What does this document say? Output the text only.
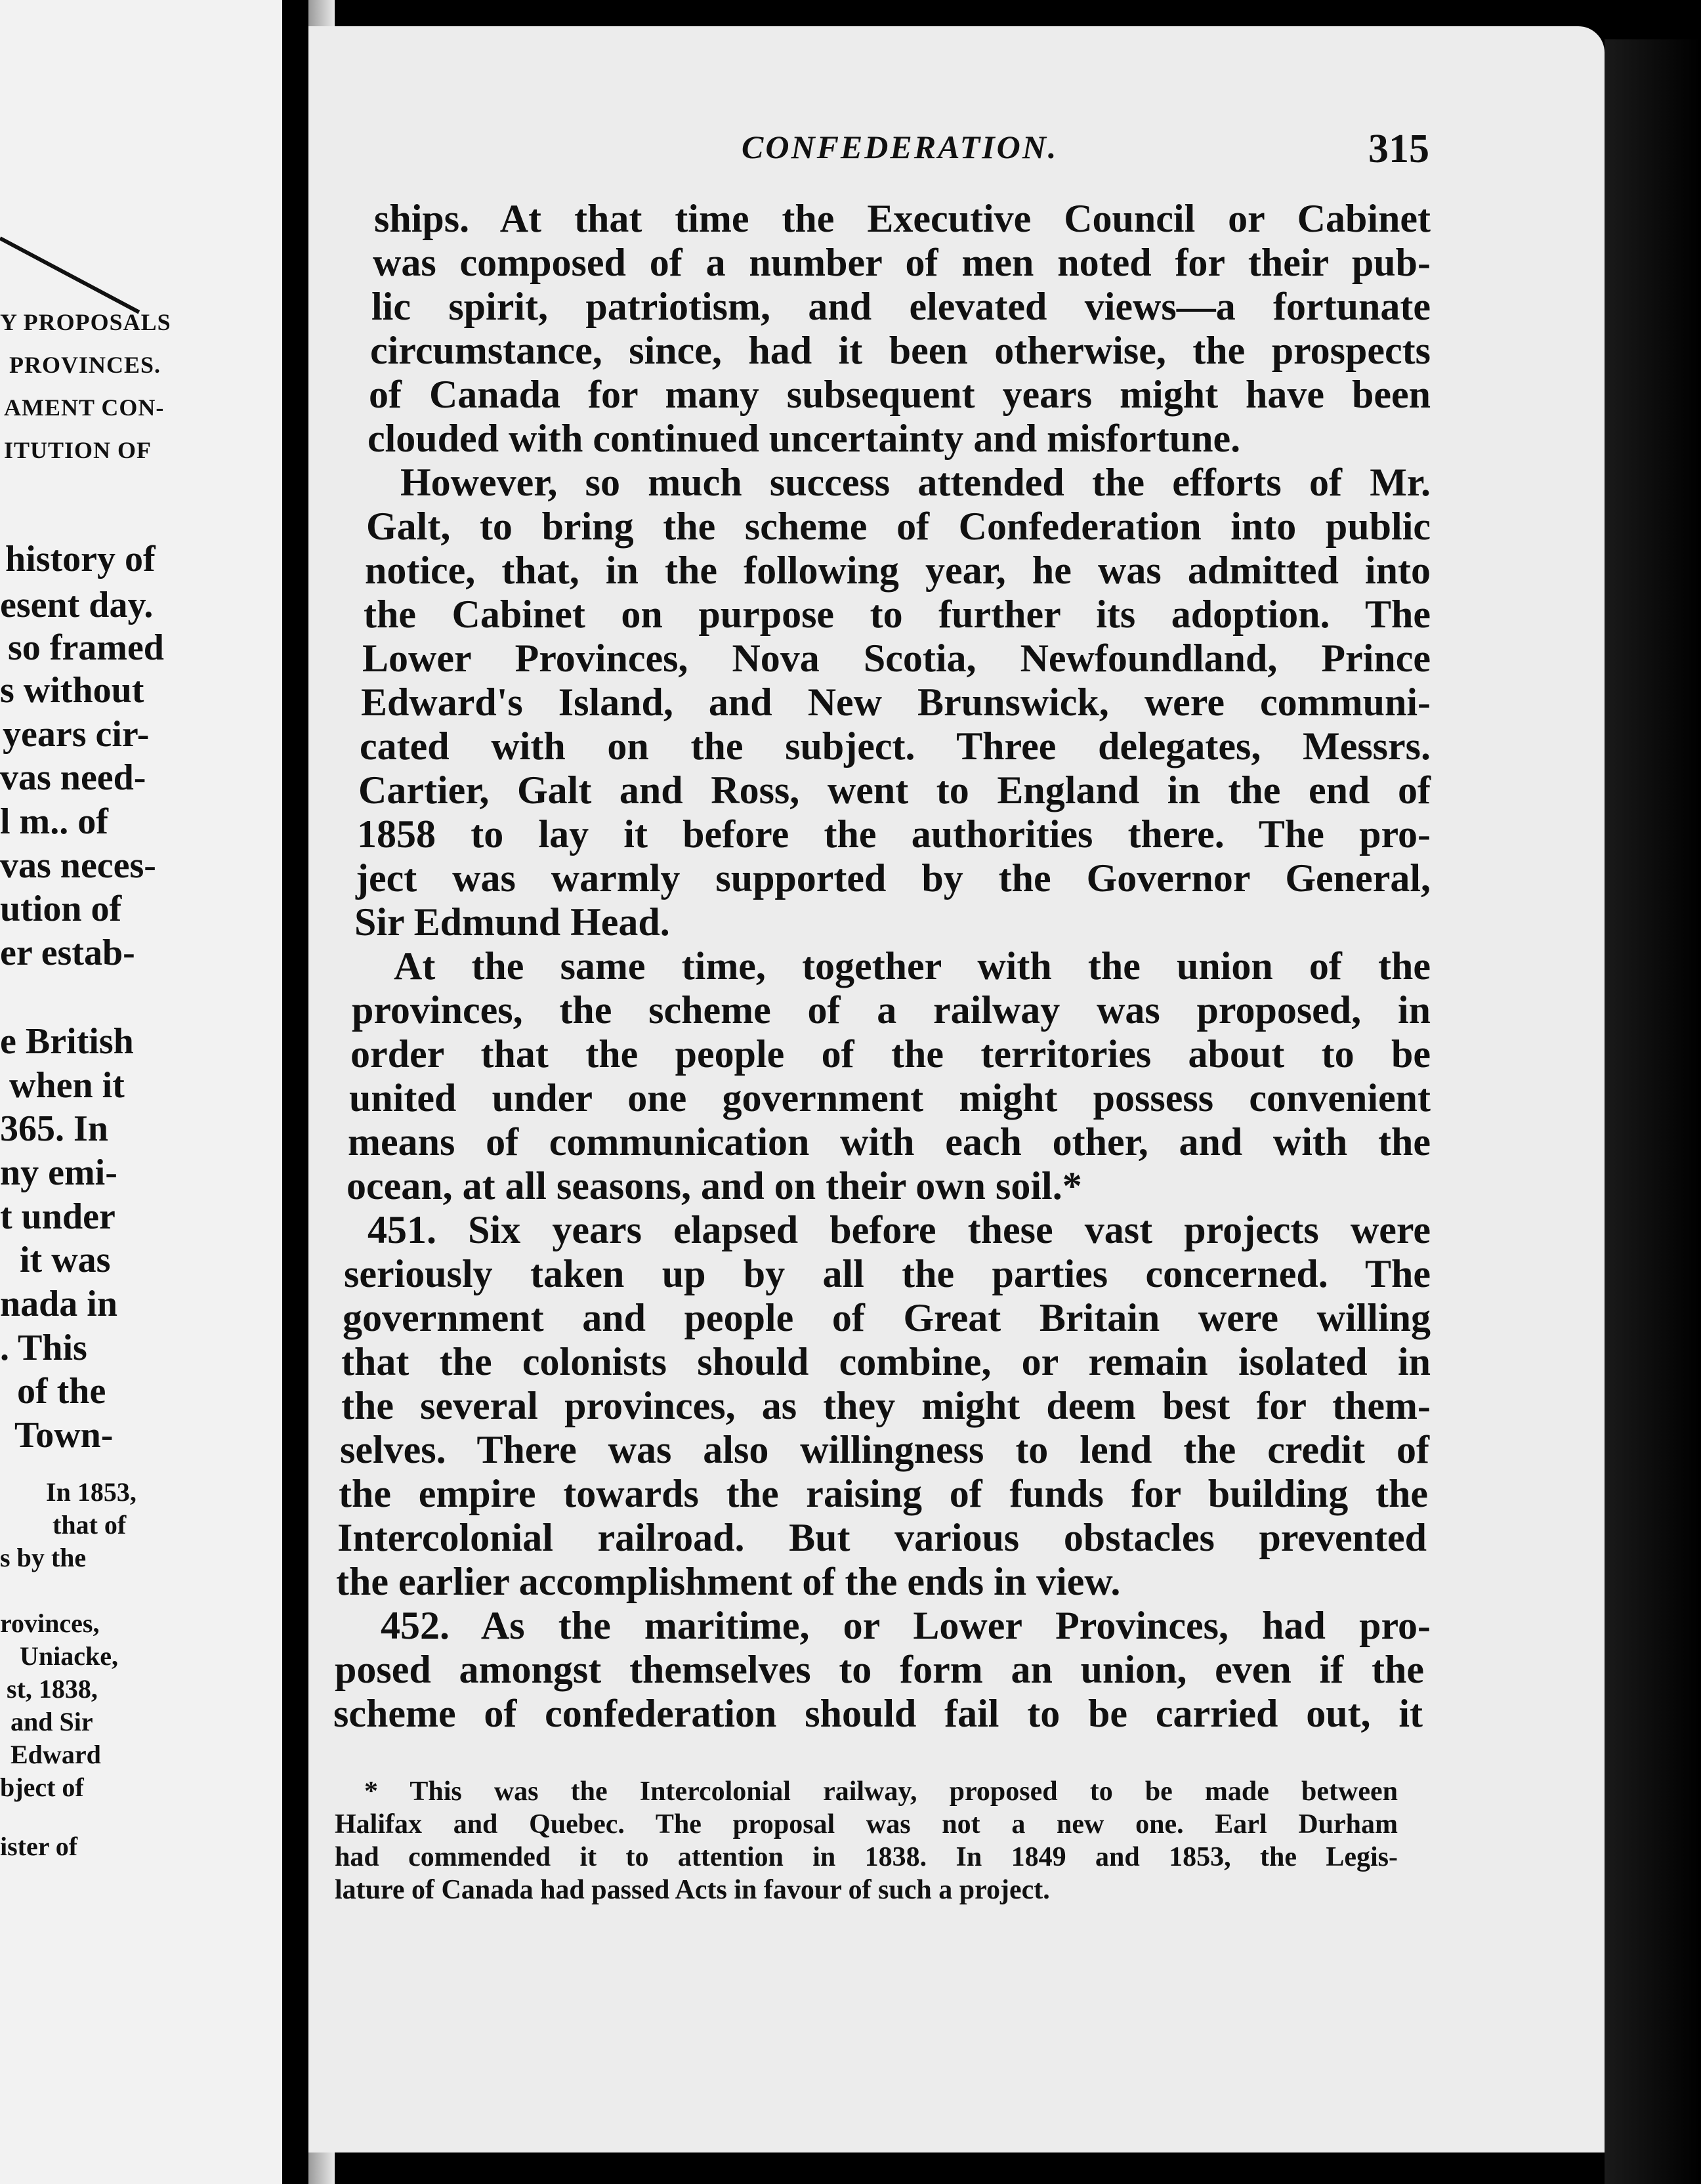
Y PROPOSALS
PROVINCES.
AMENT CON-
ITUTION OF
history of
esent day.
so framed
s without
years cir-
vas need-
l m.. of
vas neces-
ution of
er estab-
e British
when it
365. In
ny emi-
t under
it was
nada in
. This
of the
Town-
In 1853,
that of
s by the
rovinces,
Uniacke,
st, 1838,
and Sir
Edward
bject of
ister of
CONFEDERATION.	315
ships. At that time the Executive Council or Cabinet
was composed of a number of men noted for their pub-
lic spirit, patriotism, and elevated views—a fortunate
circumstance, since, had it been otherwise, the prospects
of Canada for many subsequent years might have been
clouded with continued uncertainty and misfortune.
However, so much success attended the efforts of Mr.
Galt, to bring the scheme of Confederation into public
notice, that, in the following year, he was admitted into
the Cabinet on purpose to further its adoption. The
Lower Provinces, Nova Scotia, Newfoundland, Prince
Edward's Island, and New Brunswick, were communi-
cated with on the subject. Three delegates, Messrs.
Cartier, Galt and Ross, went to England in the end of
1858 to lay it before the authorities there. The pro-
ject was warmly supported by the Governor General,
Sir Edmund Head.
At the same time, together with the union of the
provinces, the scheme of a railway was proposed, in
order that the people of the territories about to be
united under one government might possess convenient
means of communication with each other, and with the
ocean, at all seasons, and on their own soil.*
451. Six years elapsed before these vast projects were
seriously taken up by all the parties concerned. The
government and people of Great Britain were willing
that the colonists should combine, or remain isolated in
the several provinces, as they might deem best for them-
selves. There was also willingness to lend the credit of
the empire towards the raising of funds for building the
Intercolonial railroad. But various obstacles prevented
the earlier accomplishment of the ends in view.
452. As the maritime, or Lower Provinces, had pro-
posed amongst themselves to form an union, even if the
scheme of confederation should fail to be carried out, it
* This was the Intercolonial railway, proposed to be made between
Halifax and Quebec. The proposal was not a new one. Earl Durham
had commended it to attention in 1838. In 1849 and 1853, the Legis-
lature of Canada had passed Acts in favour of such a project.
